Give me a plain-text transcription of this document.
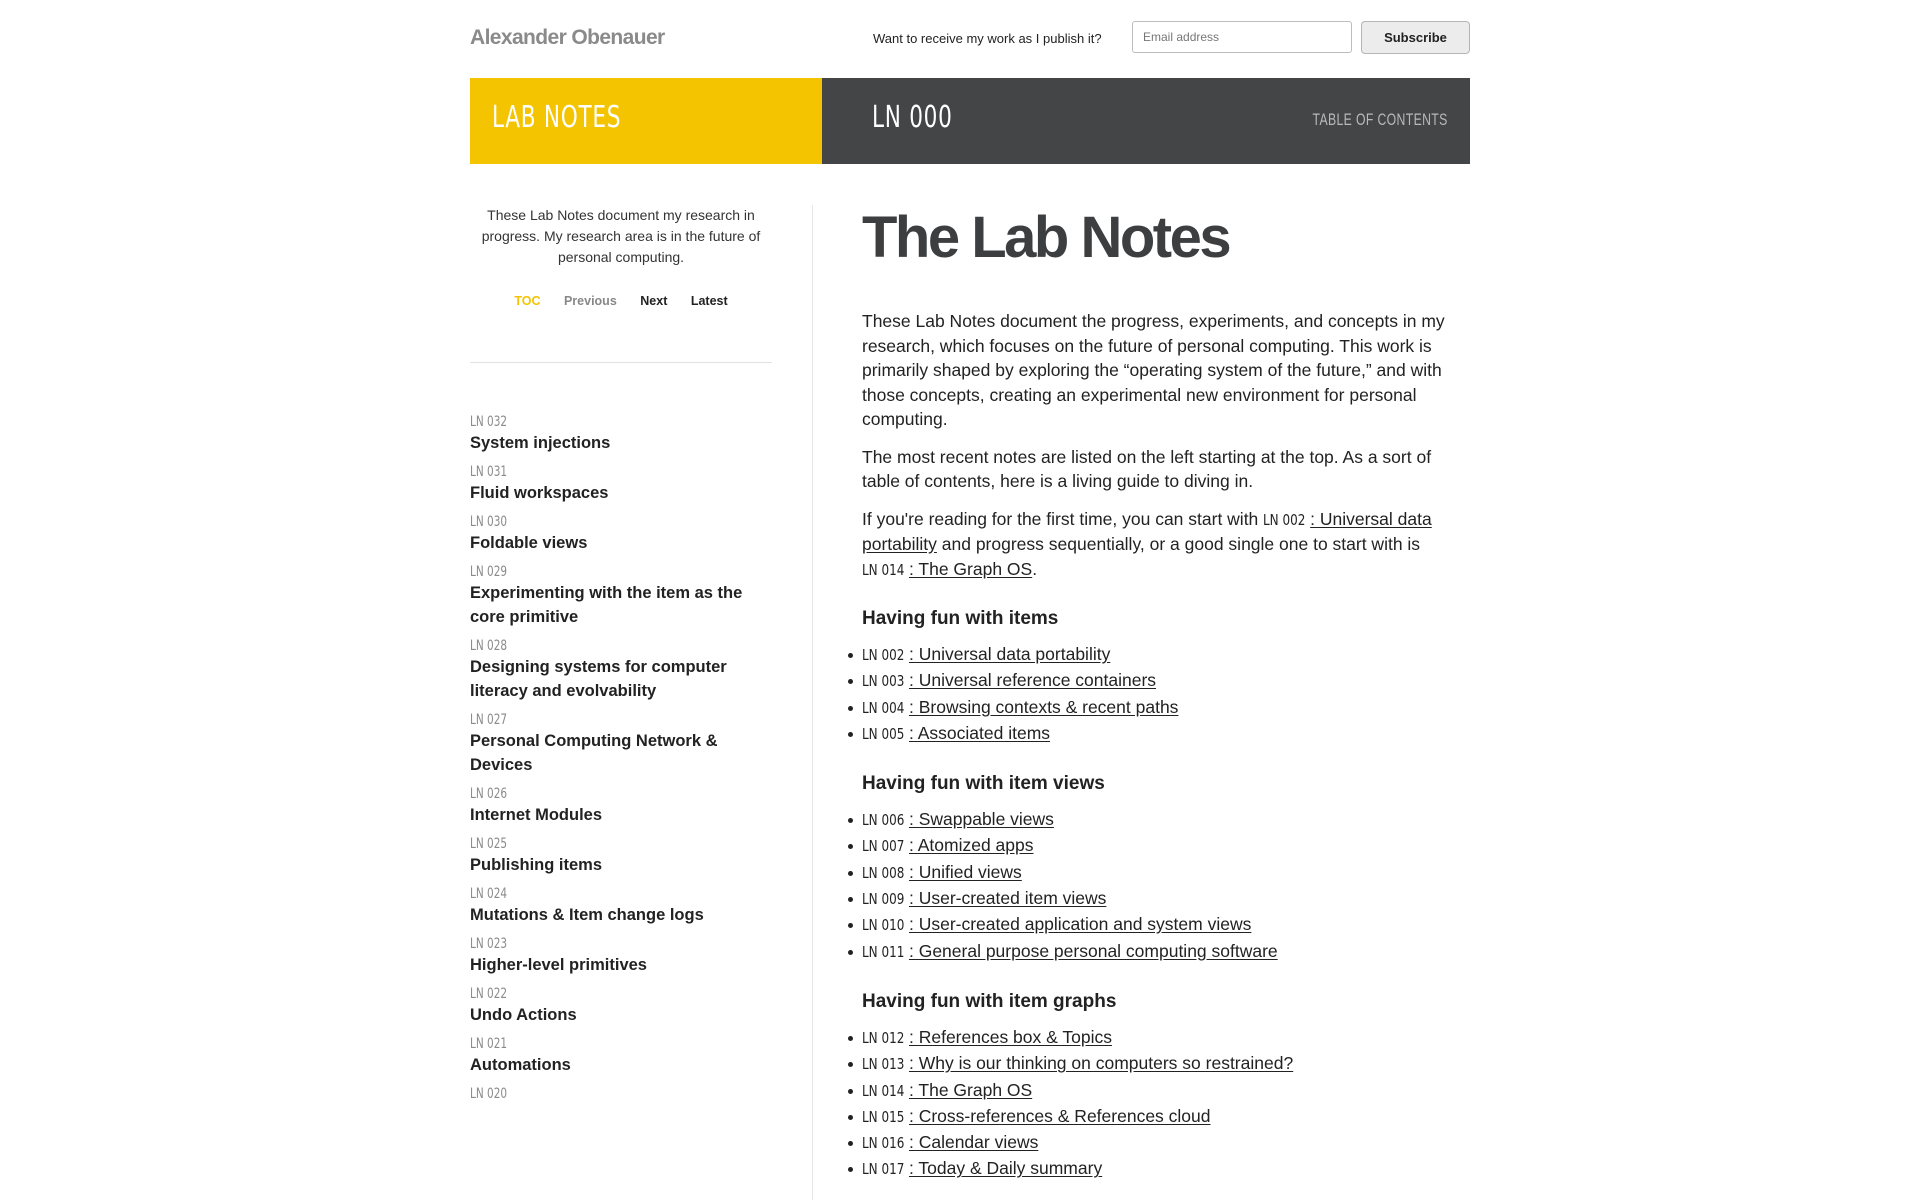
Alexander Obenauer	Want to receive my work as I publish it?
Email address	Subscribe
LAB NOTES	LN 000	TABLE OF CONTENTS

These Lab Notes document my research in progress. My research area is in the future of personal computing.

TOC Previous Next Latest
LN 032
System injections
LN 031
Fluid workspaces
LN 030
Foldable views
LN 029
Experimenting with the item as the core primitive
LN 028
Designing systems for computer literacy and evolvability
LN 027
Personal Computing Network & Devices
LN 026
Internet Modules
LN 025
Publishing items
LN 024
Mutations & Item change logs
LN 023
Higher-level primitives
LN 022
Undo Actions
LN 021
Automations
LN 020
The Lab Notes

These Lab Notes document the progress, experiments, and concepts in my research, which focuses on the future of personal computing. This work is primarily shaped by exploring the “operating system of the future,” and with those concepts, creating an experimental new environment for personal computing.

The most recent notes are listed on the left starting at the top. As a sort of table of contents, here is a living guide to diving in.

If you're reading for the first time, you can start with LN 002 : Universal data portability and progress sequentially, or a good single one to start with is LN 014 : The Graph OS.

Having fun with items
LN 002 : Universal data portability
LN 003 : Universal reference containers
LN 004 : Browsing contexts & recent paths
LN 005 : Associated items
Having fun with item views
LN 006 : Swappable views
LN 007 : Atomized apps
LN 008 : Unified views
LN 009 : User-created item views
LN 010 : User-created application and system views
LN 011 : General purpose personal computing software
Having fun with item graphs
LN 012 : References box & Topics
LN 013 : Why is our thinking on computers so restrained?
LN 014 : The Graph OS
LN 015 : Cross-references & References cloud
LN 016 : Calendar views
LN 017 : Today & Daily summary
